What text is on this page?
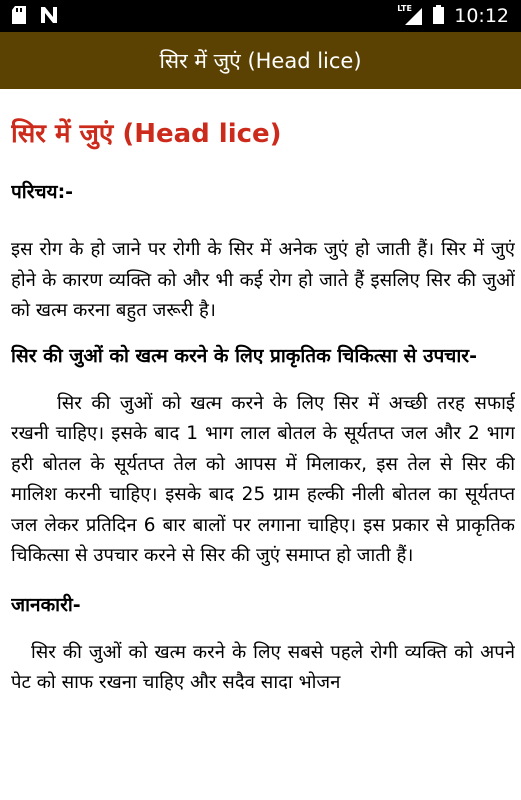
LTE 10:12
सिर में जुएं (Head lice)
सिर में जुएं (Head lice)

परिचय:-

इस रोग के हो जाने पर रोगी के सिर में अनेक जुएं हो जाती हैं। सिर में जुएं होने के कारण व्यक्ति को और भी कई रोग हो जाते हैं इसलिए सिर की जुओं को खत्म करना बहुत जरूरी है।

सिर की जुओं को खत्म करने के लिए प्राकृतिक चिकित्सा से उपचार-

सिर की जुओं को खत्म करने के लिए सिर में अच्छी तरह सफाई रखनी चाहिए। इसके बाद 1 भाग लाल बोतल के सूर्यतप्त जल और 2 भाग हरी बोतल के सूर्यतप्त तेल को आपस में मिलाकर, इस तेल से सिर की मालिश करनी चाहिए। इसके बाद 25 ग्राम हल्की नीली बोतल का सूर्यतप्त जल लेकर प्रतिदिन 6 बार बालों पर लगाना चाहिए। इस प्रकार से प्राकृतिक चिकित्सा से उपचार करने से सिर की जुएं समाप्त हो जाती हैं।

जानकारी-

सिर की जुओं को खत्म करने के लिए सबसे पहले रोगी व्यक्ति को अपने पेट को साफ रखना चाहिए और सदैव सादा भोजन
